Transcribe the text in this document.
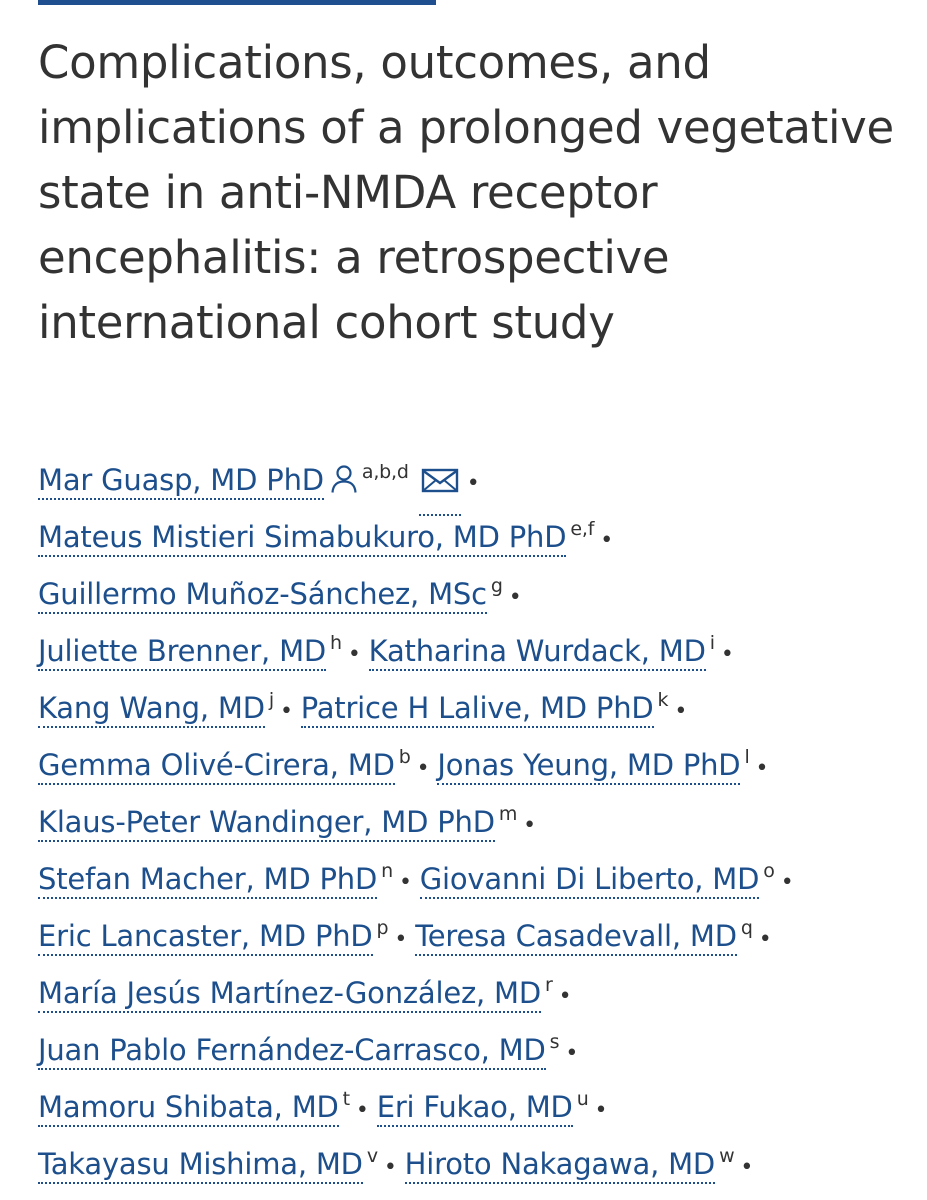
Complications, outcomes, and implications of a prolonged vegetative state in anti-NMDA receptor encephalitis: a retrospective international cohort study
Mar Guasp, MD PhD $^{a,b,d}$	•
Mateus Mistieri Simabukuro, MD PhD $^{e,f}$ •
Guillermo Muñoz-Sánchez, MSc $^g$ •
Juliette Brenner, MD $^h$ • Katharina Wurdack, MD $^i$ •
Kang Wang, MD $^j$ • Patrice H Lalive, MD PhD $^k$ •
Gemma Olivé-Cirera, MD $^b$ • Jonas Yeung, MD PhD $^l$ •
Klaus-Peter Wandinger, MD PhD $^m$ •
Stefan Macher, MD PhD $^n$ • Giovanni Di Liberto, MD $^o$ •
Eric Lancaster, MD PhD $^p$ • Teresa Casadevall, MD $^q$ •
María Jesús Martínez-González, MD $^r$ •
Juan Pablo Fernández-Carrasco, MD $^s$ •
Mamoru Shibata, MD $^t$ • Eri Fukao, MD $^u$ •
Takayasu Mishima, MD $^v$ • Hiroto Nakagawa, MD $^w$ •
